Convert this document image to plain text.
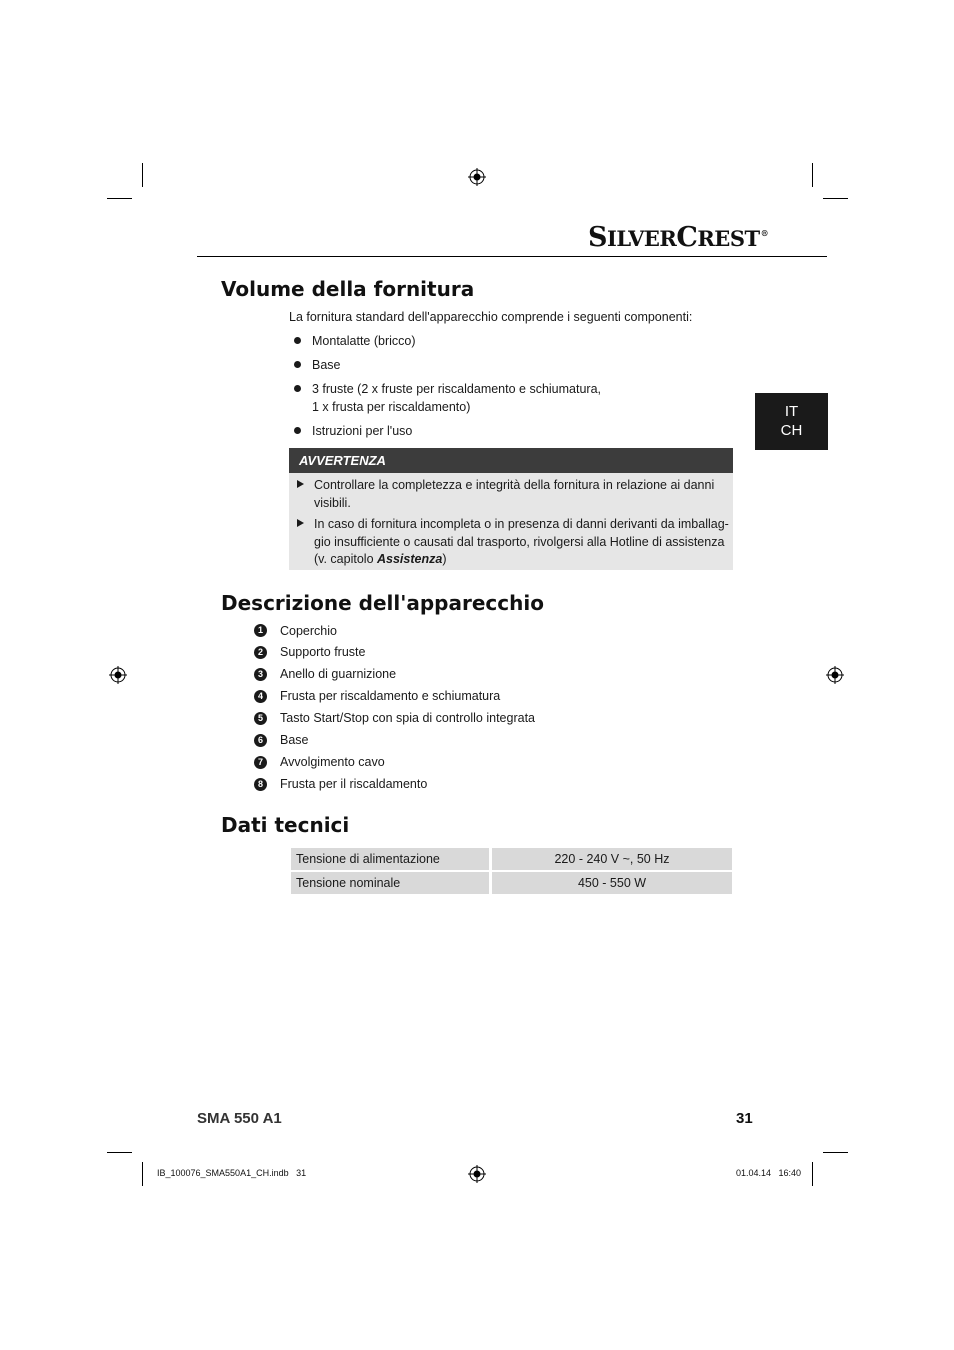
SILVERCREST®
IT
CH
Volume della fornitura
La fornitura standard dell'apparecchio comprende i seguenti componenti:
Montalatte (bricco)
Base
3 fruste (2 x fruste per riscaldamento e schiumatura,
1 x frusta per riscaldamento)
Istruzioni per l'uso
AVVERTENZA
Controllare la completezza e integrità della fornitura in relazione ai danni
visibili.
In caso di fornitura incompleta o in presenza di danni derivanti da imballag-
gio insufficiente o causati dal trasporto, rivolgersi alla Hotline di assistenza
(v. capitolo Assistenza)
Descrizione dell'apparecchio
1	Coperchio
2	Supporto fruste
3	Anello di guarnizione
4	Frusta per riscaldamento e schiumatura
5	Tasto Start/Stop con spia di controllo integrata
6	Base
7	Avvolgimento cavo
8	Frusta per il riscaldamento
Dati tecnici
Tensione di alimentazione	220 - 240 V ~, 50 Hz
Tensione nominale	450 - 550 W
SMA 550 A1	31
IB_100076_SMA550A1_CH.indb   31	01.04.14   16:40
